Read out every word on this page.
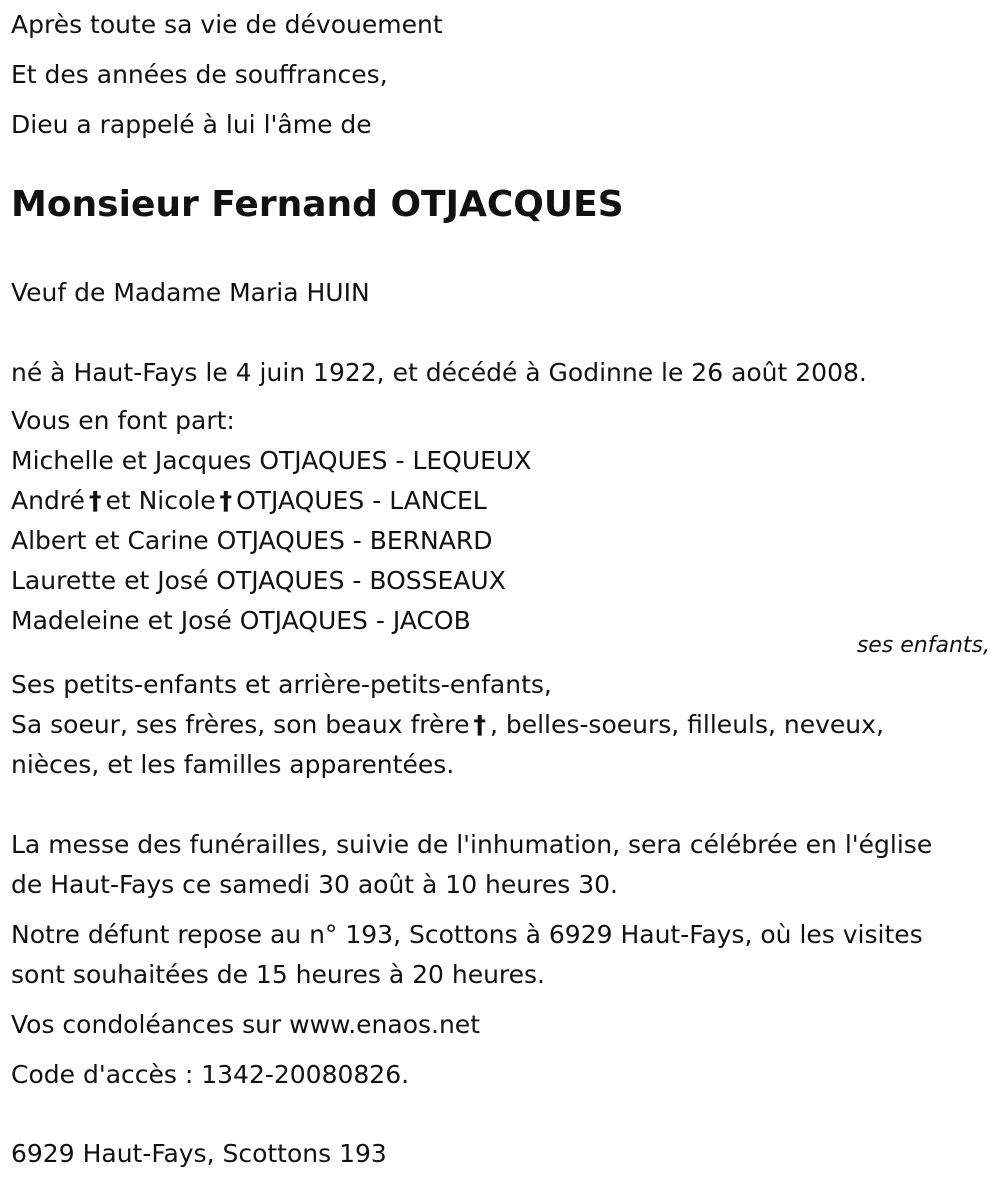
Après toute sa vie de dévouement
Et des années de souffrances,
Dieu a rappelé à lui l'âme de
Monsieur Fernand OTJACQUES
Veuf de Madame Maria HUIN
né à Haut-Fays le 4 juin 1922, et décédé à Godinne le 26 août 2008.
Vous en font part:
Michelle et Jacques OTJAQUES - LEQUEUX
André † et Nicole † OTJAQUES - LANCEL
Albert et Carine OTJAQUES - BERNARD
Laurette et José OTJAQUES - BOSSEAUX
Madeleine et José OTJAQUES - JACOB
ses enfants,
Ses petits-enfants et arrière-petits-enfants,
Sa soeur, ses frères, son beaux frère † , belles-soeurs, filleuls, neveux,
nièces, et les familles apparentées.
La messe des funérailles, suivie de l'inhumation, sera célébrée en l'église
de Haut-Fays ce samedi 30 août à 10 heures 30.
Notre défunt repose au n° 193, Scottons à 6929 Haut-Fays, où les visites
sont souhaitées de 15 heures à 20 heures.
Vos condoléances sur www.enaos.net
Code d'accès : 1342-20080826.
6929 Haut-Fays, Scottons 193
